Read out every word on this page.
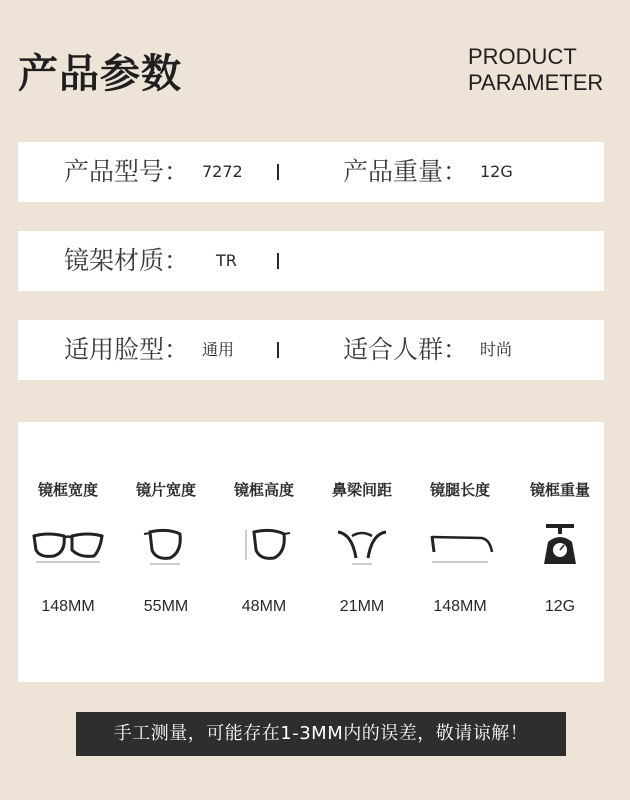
产品参数	PRODUCT
PARAMETER
产品型号： 7272	产品重量： 12G
镜架材质： TR
适用脸型： 通用	适合人群： 时尚
镜框宽度
148MM
镜片宽度
55MM
镜框高度
48MM
鼻梁间距
21MM
镜腿长度
148MM
镜框重量
12G
手工测量，可能存在1-3MM内的误差，敬请谅解！
